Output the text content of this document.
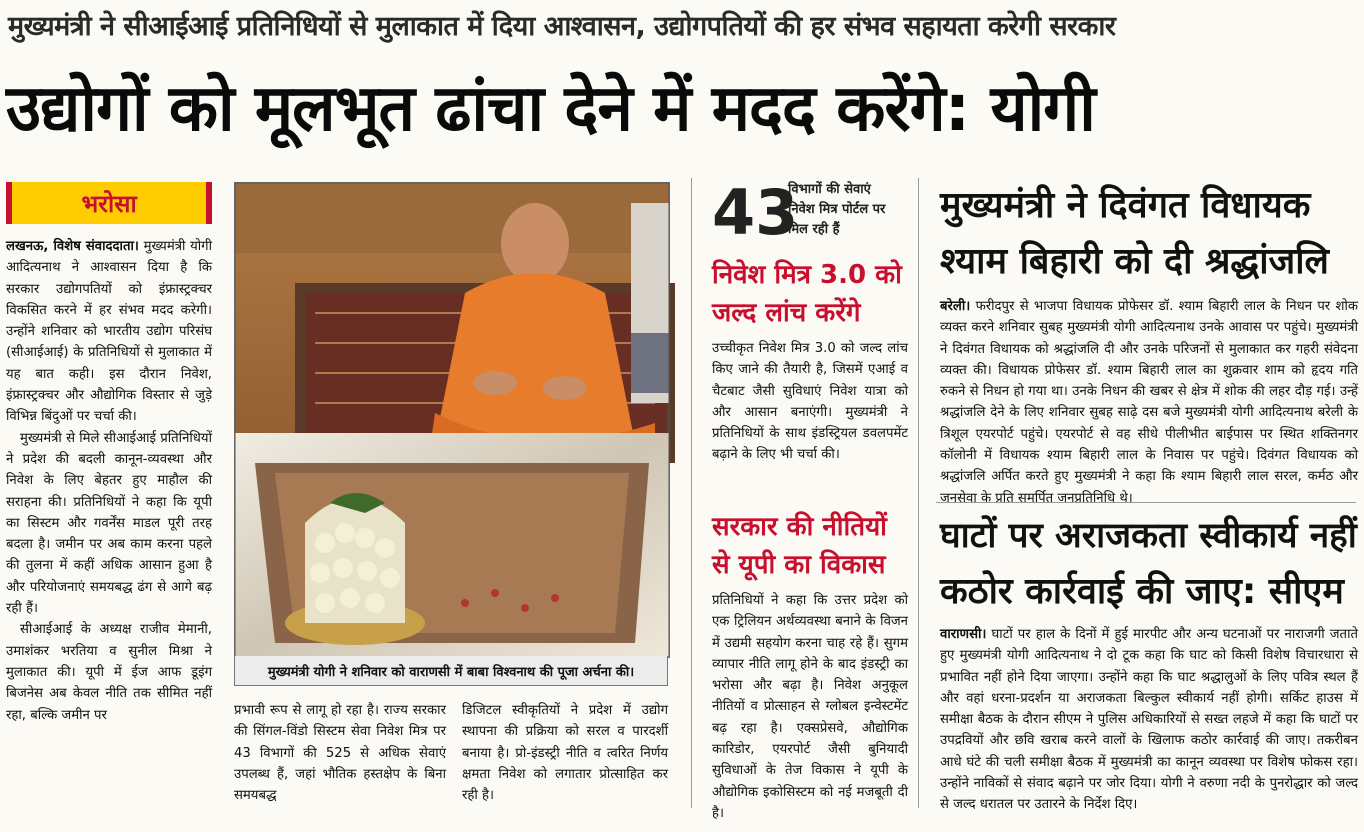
मुख्यमंत्री ने सीआईआई प्रतिनिधियों से मुलाकात में दिया आश्वासन, उद्योगपतियों की हर संभव सहायता करेगी सरकार
उद्योगों को मूलभूत ढांचा देने में मदद करेंगे: योगी
भरोसा

लखनऊ, विशेष संवाददाता। मुख्यमंत्री योगी आदित्यनाथ ने आश्वासन दिया है कि सरकार उद्योगपतियों को इंफ्रास्ट्रक्चर विकसित करने में हर संभव मदद करेगी। उन्होंने शनिवार को भारतीय उद्योग परिसंघ (सीआईआई) के प्रतिनिधियों से मुलाकात में यह बात कही। इस दौरान निवेश, इंफ्रास्ट्रक्चर और औद्योगिक विस्तार से जुड़े विभिन्न बिंदुओं पर चर्चा की।

मुख्यमंत्री से मिले सीआईआई प्रतिनिधियों ने प्रदेश की बदली कानून-व्यवस्था और निवेश के लिए बेहतर हुए माहौल की सराहना की। प्रतिनिधियों ने कहा कि यूपी का सिस्टम और गवर्नेंस माडल पूरी तरह बदला है। जमीन पर अब काम करना पहले की तुलना में कहीं अधिक आसान हुआ है और परियोजनाएं समयबद्ध ढंग से आगे बढ़ रही हैं।

सीआईआई के अध्यक्ष राजीव मेमानी, उमाशंकर भरतिया व सुनील मिश्रा ने मुलाकात की। यूपी में ईज आफ डूइंग बिजनेस अब केवल नीति तक सीमित नहीं रहा, बल्कि जमीन पर

मुख्यमंत्री योगी ने शनिवार को वाराणसी में बाबा विश्वनाथ की पूजा अर्चना की।

प्रभावी रूप से लागू हो रहा है। राज्य सरकार की सिंगल-विंडो सिस्टम सेवा निवेश मित्र पर 43 विभागों की 525 से अधिक सेवाएं उपलब्ध हैं, जहां भौतिक हस्तक्षेप के बिना समयबद्ध

डिजिटल स्वीकृतियों ने प्रदेश में उद्योग स्थापना की प्रक्रिया को सरल व पारदर्शी बनाया है। प्रो-इंडस्ट्री नीति व त्वरित निर्णय क्षमता निवेश को लगातार प्रोत्साहित कर रही है।

43
विभागों की सेवाएं निवेश मित्र पोर्टल पर मिल रही हैं
निवेश मित्र 3.0 को जल्द लांच करेंगे
उच्चीकृत निवेश मित्र 3.0 को जल्द लांच किए जाने की तैयारी है, जिसमें एआई व चैटबाट जैसी सुविधाएं निवेश यात्रा को और आसान बनाएंगी। मुख्यमंत्री ने प्रतिनिधियों के साथ इंडस्ट्रियल डवलपमेंट बढ़ाने के लिए भी चर्चा की।
सरकार की नीतियों से यूपी का विकास
प्रतिनिधियों ने कहा कि उत्तर प्रदेश को एक ट्रिलियन अर्थव्यवस्था बनाने के विजन में उद्यमी सहयोग करना चाह रहे हैं। सुगम व्यापार नीति लागू होने के बाद इंडस्ट्री का भरोसा और बढ़ा है। निवेश अनुकूल नीतियों व प्रोत्साहन से ग्लोबल इन्वेस्टमेंट बढ़ रहा है। एक्सप्रेसवे, औद्योगिक कारिडोर, एयरपोर्ट जैसी बुनियादी सुविधाओं के तेज विकास ने यूपी के औद्योगिक इकोसिस्टम को नई मजबूती दी है।
मुख्यमंत्री ने दिवंगत विधायक
श्याम बिहारी को दी श्रद्धांजलि
बरेली। फरीदपुर से भाजपा विधायक प्रोफेसर डॉ. श्याम बिहारी लाल के निधन पर शोक व्यक्त करने शनिवार सुबह मुख्यमंत्री योगी आदित्यनाथ उनके आवास पर पहुंचे। मुख्यमंत्री ने दिवंगत विधायक को श्रद्धांजलि दी और उनके परिजनों से मुलाकात कर गहरी संवेदना व्यक्त की। विधायक प्रोफेसर डॉ. श्याम बिहारी लाल का शुक्रवार शाम को हृदय गति रुकने से निधन हो गया था। उनके निधन की खबर से क्षेत्र में शोक की लहर दौड़ गई। उन्हें श्रद्धांजलि देने के लिए शनिवार सुबह साढ़े दस बजे मुख्यमंत्री योगी आदित्यनाथ बरेली के त्रिशूल एयरपोर्ट पहुंचे। एयरपोर्ट से वह सीधे पीलीभीत बाईपास पर स्थित शक्तिनगर कॉलोनी में विधायक श्याम बिहारी लाल के निवास पर पहुंचे। दिवंगत विधायक को श्रद्धांजलि अर्पित करते हुए मुख्यमंत्री ने कहा कि श्याम बिहारी लाल सरल, कर्मठ और जनसेवा के प्रति समर्पित जनप्रतिनिधि थे।
घाटों पर अराजकता स्वीकार्य नहीं
कठोर कार्रवाई की जाए: सीएम
वाराणसी। घाटों पर हाल के दिनों में हुई मारपीट और अन्य घटनाओं पर नाराजगी जताते हुए मुख्यमंत्री योगी आदित्यनाथ ने दो टूक कहा कि घाट को किसी विशेष विचारधारा से प्रभावित नहीं होने दिया जाएगा। उन्होंने कहा कि घाट श्रद्धालुओं के लिए पवित्र स्थल हैं और वहां धरना-प्रदर्शन या अराजकता बिल्कुल स्वीकार्य नहीं होगी। सर्किट हाउस में समीक्षा बैठक के दौरान सीएम ने पुलिस अधिकारियों से सख्त लहजे में कहा कि घाटों पर उपद्रवियों और छवि खराब करने वालों के खिलाफ कठोर कार्रवाई की जाए। तकरीबन आधे घंटे की चली समीक्षा बैठक में मुख्यमंत्री का कानून व्यवस्था पर विशेष फोकस रहा। उन्होंने नाविकों से संवाद बढ़ाने पर जोर दिया। योगी ने वरुणा नदी के पुनरोद्धार को जल्द से जल्द धरातल पर उतारने के निर्देश दिए।
